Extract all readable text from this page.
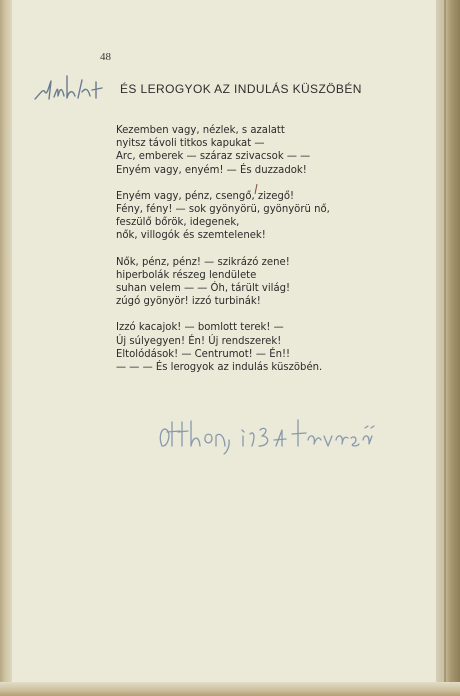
48
ÉS LEROGYOK AZ INDULÁS KÜSZÖBÉN
Kezemben vagy, nézlek, s azalatt
nyitsz távoli titkos kapukat —
Arc, emberek — száraz szivacsok — —
Enyém vagy, enyém! — És duzzadok!
Enyém vagy, pénz, csengő, zizegő!
Fény, fény! — sok gyönyörü, gyönyörü nő,
feszülő bőrök, idegenek,
nők, villogók és szemtelenek!
Nők, pénz, pénz! — szikrázó zene!
hiperbolák részeg lendülete
suhan velem — — Óh, tárült világ!
zúgó gyönyör! izzó turbinák!
Izzó kacajok! — bomlott terek! —
Új súlyegyen! Én! Új rendszerek!
Eltolódások! — Centrumot! — Én!!
— — — És lerogyok az indulás küszöbén.
